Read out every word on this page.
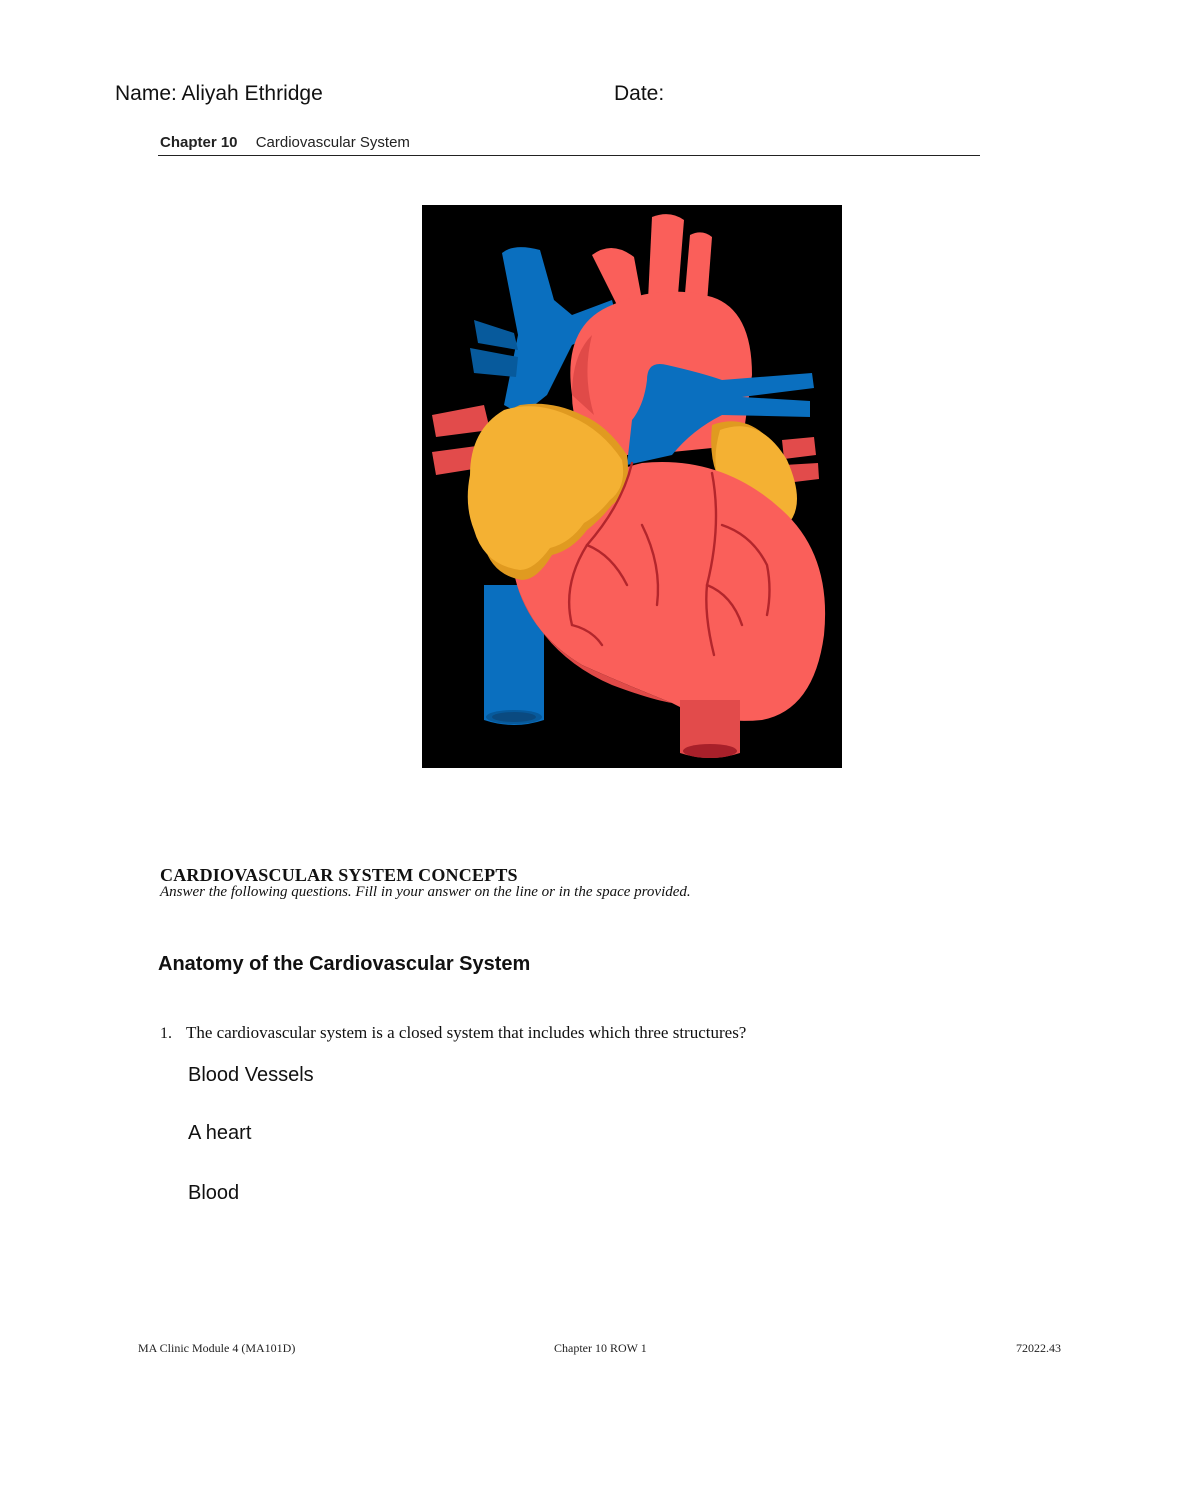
Name: Aliyah Ethridge	Date:
Chapter 10 Cardiovascular System
CARDIOVASCULAR SYSTEM CONCEPTS
Answer the following questions. Fill in your answer on the line or in the space provided.
Anatomy of the Cardiovascular System
1. The cardiovascular system is a closed system that includes which three structures?
Blood Vessels
A heart
Blood
MA Clinic Module 4 (MA101D)	Chapter 10 ROW 1	72022.43
